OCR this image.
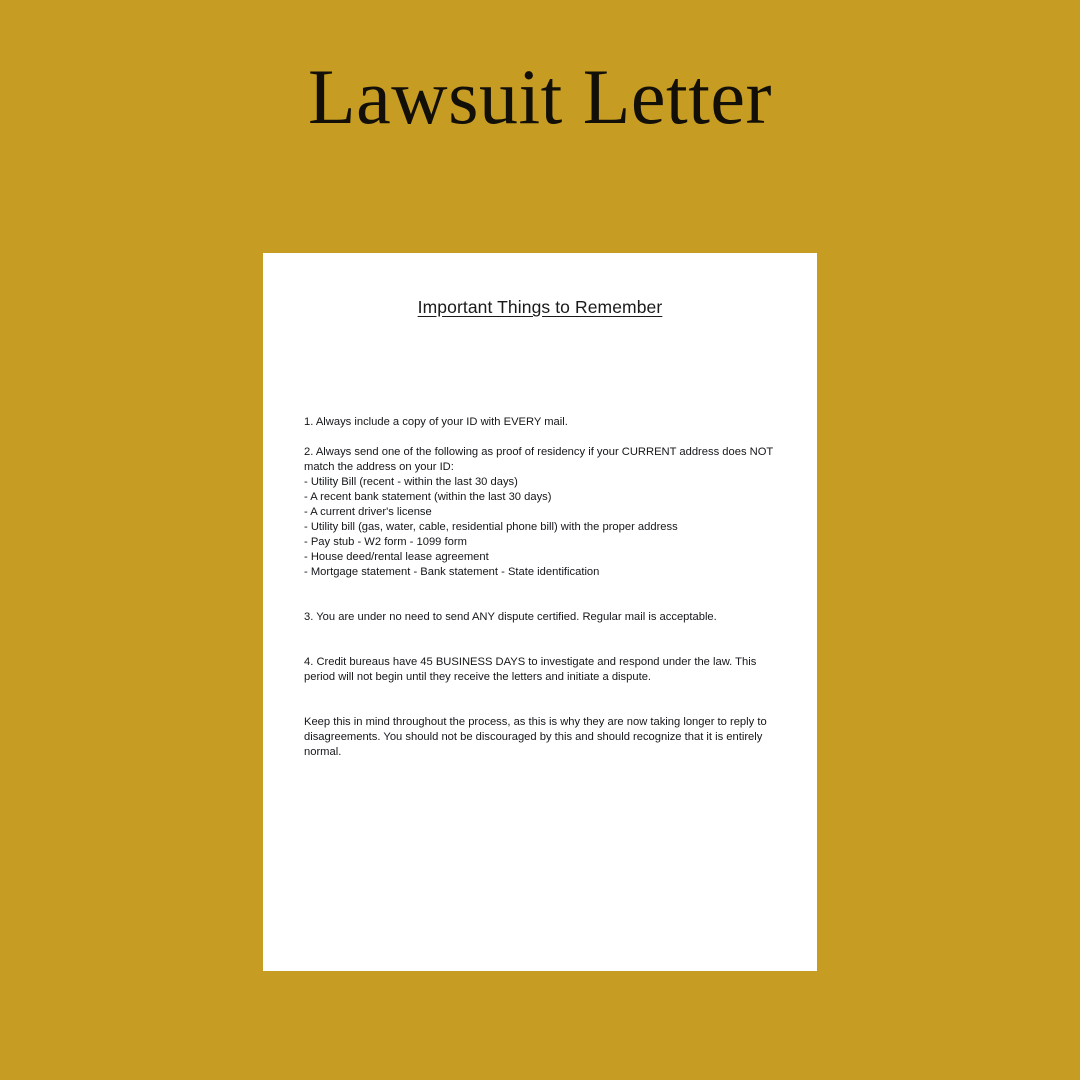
Lawsuit Letter
Important Things to Remember

1. Always include a copy of your ID with EVERY mail.

2. Always send one of the following as proof of residency if your CURRENT address does NOT match the address on your ID:

- Utility Bill (recent - within the last 30 days)

- A recent bank statement (within the last 30 days)

- A current driver's license

- Utility bill (gas, water, cable, residential phone bill) with the proper address

- Pay stub - W2 form - 1099 form

- House deed/rental lease agreement

- Mortgage statement - Bank statement - State identification

3. You are under no need to send ANY dispute certified. Regular mail is acceptable.

4. Credit bureaus have 45 BUSINESS DAYS to investigate and respond under the law. This period will not begin until they receive the letters and initiate a dispute.

Keep this in mind throughout the process, as this is why they are now taking longer to reply to disagreements. You should not be discouraged by this and should recognize that it is entirely normal.
